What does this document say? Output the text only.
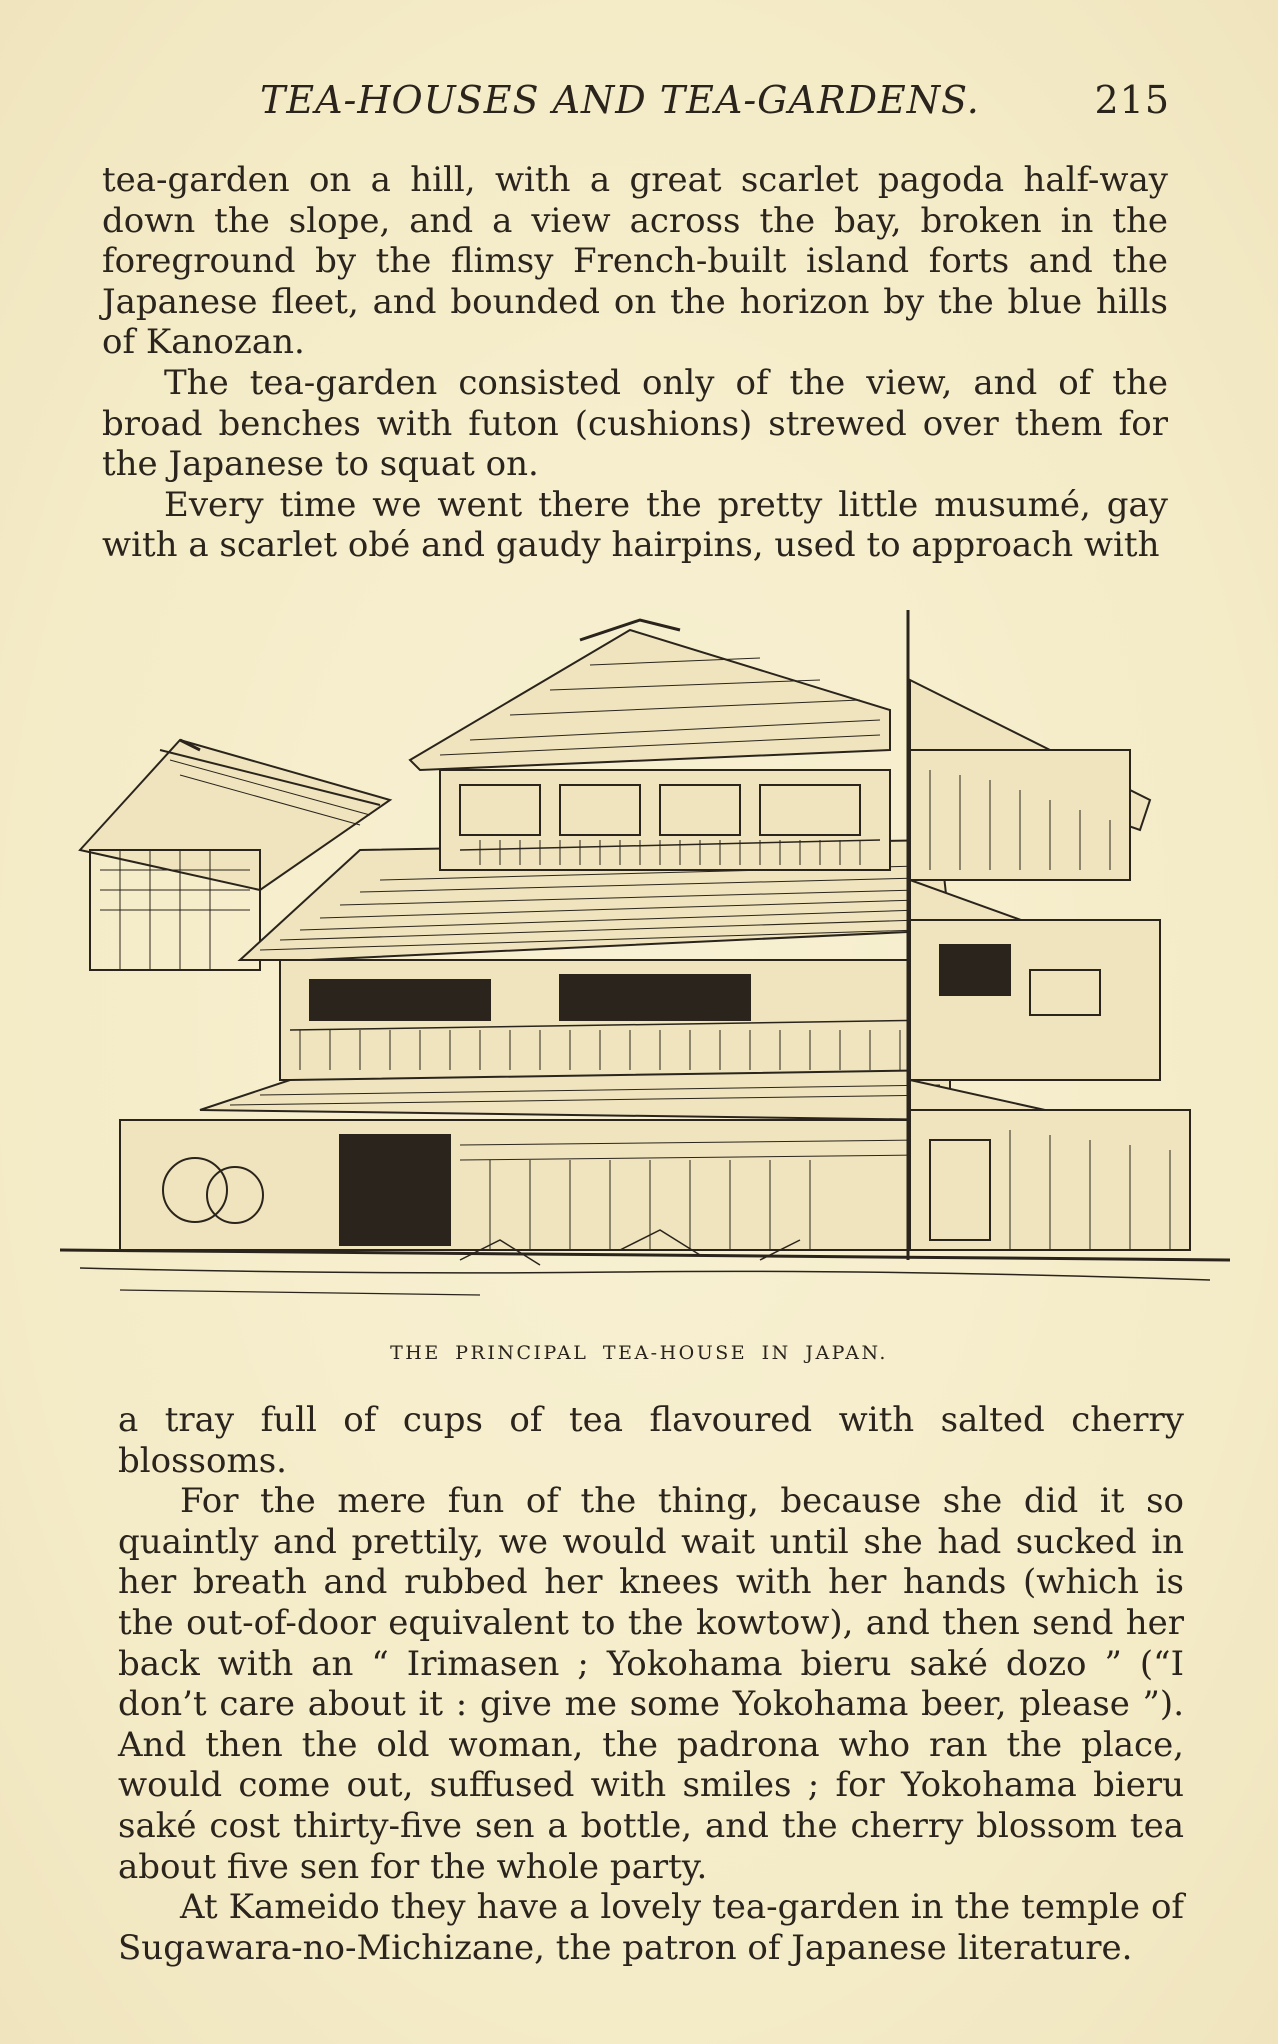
TEA-HOUSES AND TEA-GARDENS.	215

tea-garden on a hill, with a great scarlet pagoda half-way down the slope, and a view across the bay, broken in the foreground by the flimsy French-built island forts and the Japanese fleet, and bounded on the horizon by the blue hills of Kanozan.

The tea-garden consisted only of the view, and of the broad benches with futon (cushions) strewed over them for the Japanese to squat on.

Every time we went there the pretty little musumé, gay with a scarlet obé and gaudy hairpins, used to approach with

THE PRINCIPAL TEA-HOUSE IN JAPAN.

a tray full of cups of tea flavoured with salted cherry blossoms.

For the mere fun of the thing, because she did it so quaintly and prettily, we would wait until she had sucked in her breath and rubbed her knees with her hands (which is the out-of-door equivalent to the kowtow), and then send her back with an “ Irimasen ; Yokohama bieru saké dozo ” (“I don’t care about it : give me some Yokohama beer, please ”). And then the old woman, the padrona who ran the place, would come out, suffused with smiles ; for Yokohama bieru saké cost thirty-five sen a bottle, and the cherry blossom tea about five sen for the whole party.

At Kameido they have a lovely tea-garden in the temple of Sugawara-no-Michizane, the patron of Japanese literature.
